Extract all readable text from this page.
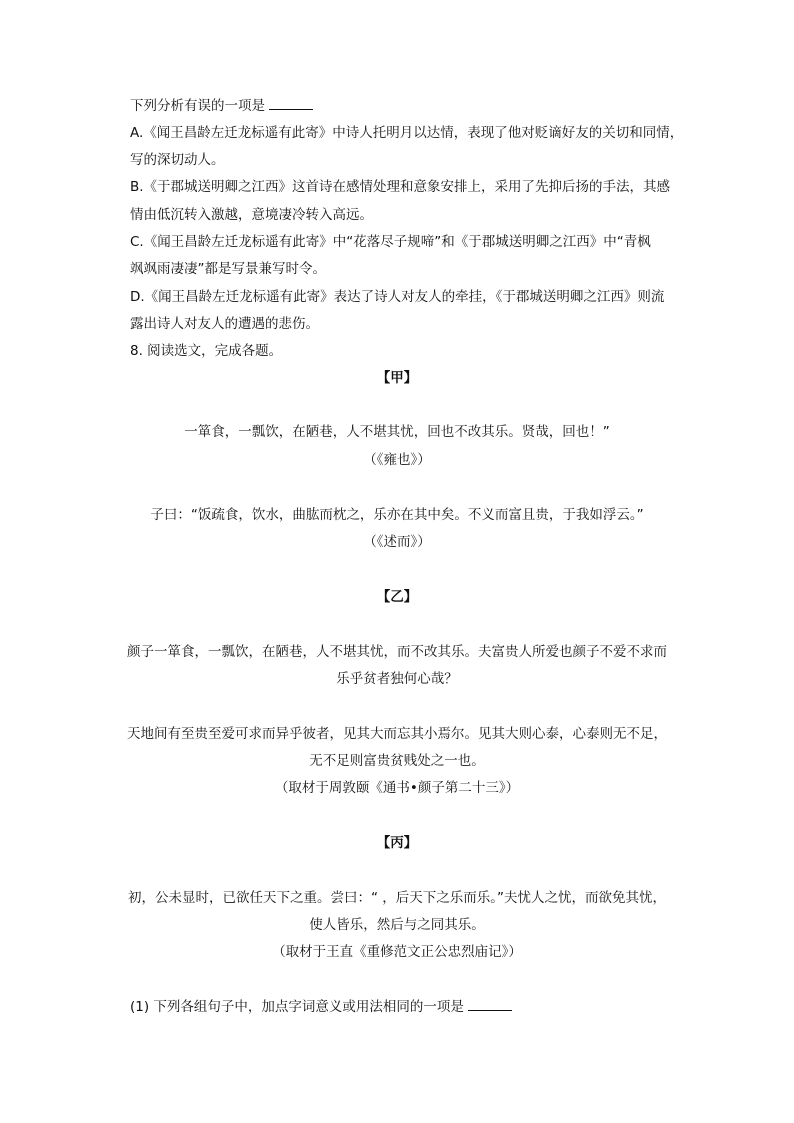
下列分析有误的一项是
A.《闻王昌龄左迁龙标遥有此寄》中诗人托明月以达情，表现了他对贬谪好友的关切和同情，
写的深切动人。
B.《于郡城送明卿之江西》这首诗在感情处理和意象安排上，采用了先抑后扬的手法，其感
情由低沉转入激越，意境凄冷转入高远。
C.《闻王昌龄左迁龙标遥有此寄》中“花落尽子规啼”和《于郡城送明卿之江西》中“青枫
飒飒雨凄凄”都是写景兼写时令。
D.《闻王昌龄左迁龙标遥有此寄》表达了诗人对友人的牵挂，《于郡城送明卿之江西》则流
露出诗人对友人的遭遇的悲伤。
8. 阅读选文，完成各题。
【甲】
一箪食，一瓢饮，在陋巷，人不堪其忧，回也不改其乐。贤哉，回也！”
（《雍也》）
子曰：“饭疏食，饮水，曲肱而枕之，乐亦在其中矣。不义而富且贵，于我如浮云。”
（《述而》）
【乙】
颜子一箪食，一瓢饮，在陋巷，人不堪其忧，而不改其乐。夫富贵人所爱也颜子不爱不求而
乐乎贫者独何心哉？
天地间有至贵至爱可求而异乎彼者，见其大而忘其小焉尔。见其大则心泰，心泰则无不足，
无不足则富贵贫贱处之一也。
（取材于周敦颐《通书•颜子第二十三》）
【丙】
初，公未显时，已欲任天下之重。尝曰：“ ，后天下之乐而乐。”夫忧人之忧，而欲免其忧，
使人皆乐，然后与之同其乐。
（取材于王直《重修范文正公忠烈庙记》）
(1) 下列各组句子中，加点字词意义或用法相同的一项是
